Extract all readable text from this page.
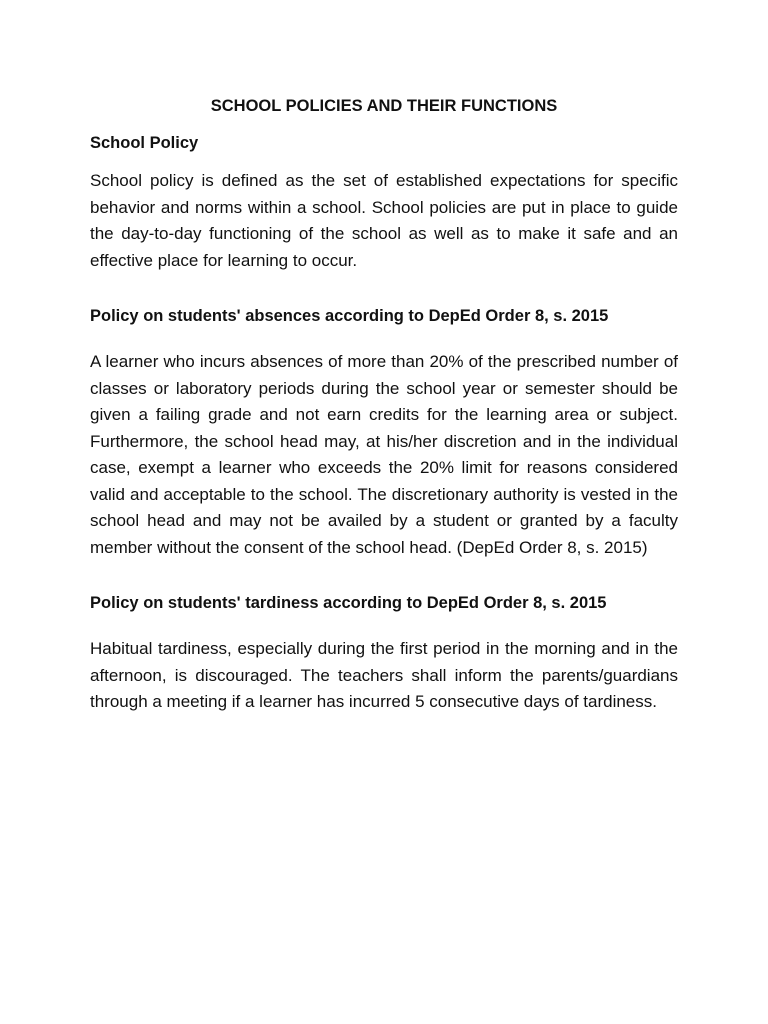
SCHOOL POLICIES AND THEIR FUNCTIONS
School Policy

School policy is defined as the set of established expectations for specific behavior and norms within a school. School policies are put in place to guide the day-to-day functioning of the school as well as to make it safe and an effective place for learning to occur.

Policy on students' absences according to DepEd Order 8, s. 2015

A learner who incurs absences of more than 20% of the prescribed number of classes or laboratory periods during the school year or semester should be given a failing grade and not earn credits for the learning area or subject. Furthermore, the school head may, at his/her discretion and in the individual case, exempt a learner who exceeds the 20% limit for reasons considered valid and acceptable to the school. The discretionary authority is vested in the school head and may not be availed by a student or granted by a faculty member without the consent of the school head. (DepEd Order 8, s. 2015)

Policy on students' tardiness according to DepEd Order 8, s. 2015

Habitual tardiness, especially during the first period in the morning and in the afternoon, is discouraged. The teachers shall inform the parents/guardians through a meeting if a learner has incurred 5 consecutive days of tardiness.
